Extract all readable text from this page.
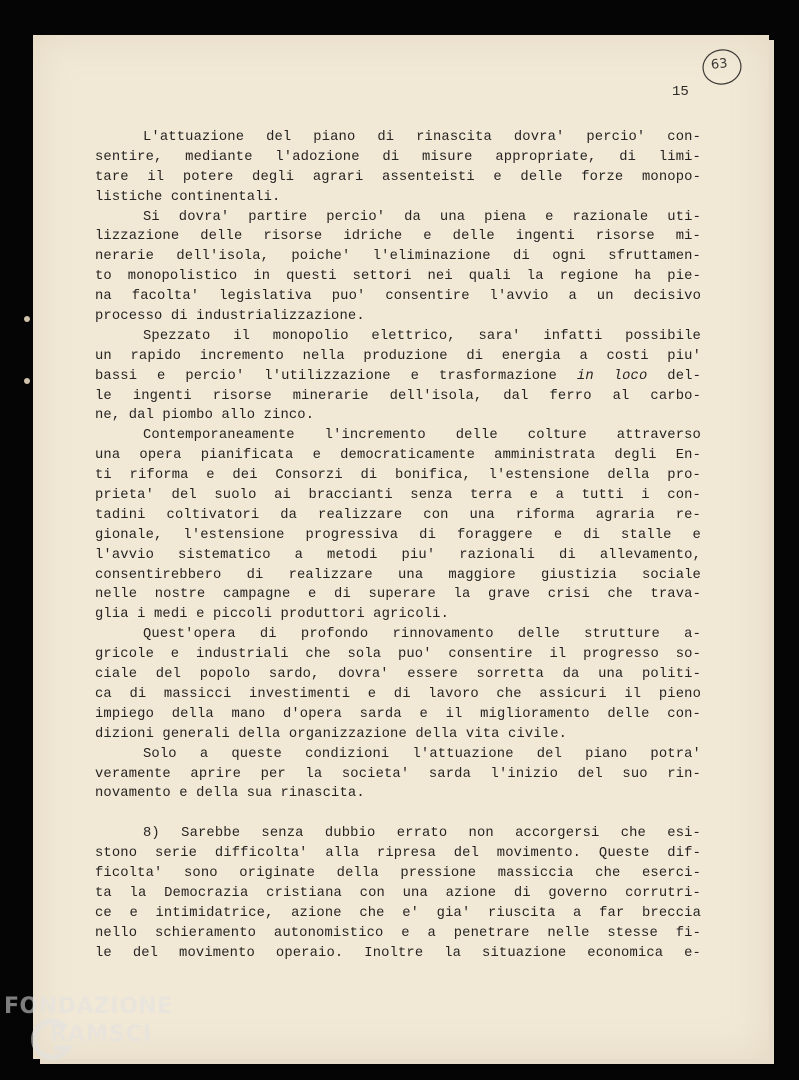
63
15
L'attuazione del piano di rinascita dovra' percio' con-
sentire, mediante l'adozione di misure appropriate, di limi-
tare il potere degli agrari assenteisti e delle forze monopo-
listiche continentali.
Si dovra' partire percio' da una piena e razionale uti-
lizzazione delle risorse idriche e delle ingenti risorse mi-
nerarie dell'isola, poiche' l'eliminazione di ogni sfruttamen-
to monopolistico in questi settori nei quali la regione ha pie-
na facolta' legislativa puo' consentire l'avvio a un decisivo
processo di industrializzazione.
Spezzato il monopolio elettrico, sara' infatti possibile
un rapido incremento nella produzione di energia a costi piu'
bassi e percio' l'utilizzazione e trasformazione in loco del-
le ingenti risorse minerarie dell'isola, dal ferro al carbo-
ne, dal piombo allo zinco.
Contemporaneamente l'incremento delle colture attraverso
una opera pianificata e democraticamente amministrata degli En-
ti riforma e dei Consorzi di bonifica, l'estensione della pro-
prieta' del suolo ai braccianti senza terra e a tutti i con-
tadini coltivatori da realizzare con una riforma agraria re-
gionale, l'estensione progressiva di foraggere e di stalle e
l'avvio sistematico a metodi piu' razionali di allevamento,
consentirebbero di realizzare una maggiore giustizia sociale
nelle nostre campagne e di superare la grave crisi che trava-
glia i medi e piccoli produttori agricoli.
Quest'opera di profondo rinnovamento delle strutture a-
gricole e industriali che sola puo' consentire il progresso so-
ciale del popolo sardo, dovra' essere sorretta da una politi-
ca di massicci investimenti e di lavoro che assicuri il pieno
impiego della mano d'opera sarda e il miglioramento delle con-
dizioni generali della organizzazione della vita civile.
Solo a queste condizioni l'attuazione del piano potra'
veramente aprire per la societa' sarda l'inizio del suo rin-
novamento e della sua rinascita.
8) Sarebbe senza dubbio errato non accorgersi che esi-
stono serie difficolta' alla ripresa del movimento. Queste dif-
ficolta' sono originate della pressione massiccia che eserci-
ta la Democrazia cristiana con una azione di governo corrutri-
ce e intimidatrice, azione che e' gia' riuscita a far breccia
nello schieramento autonomistico e a penetrare nelle stesse fi-
le del movimento operaio. Inoltre la situazione economica e-
FONDAZIONE
RAMSCI
